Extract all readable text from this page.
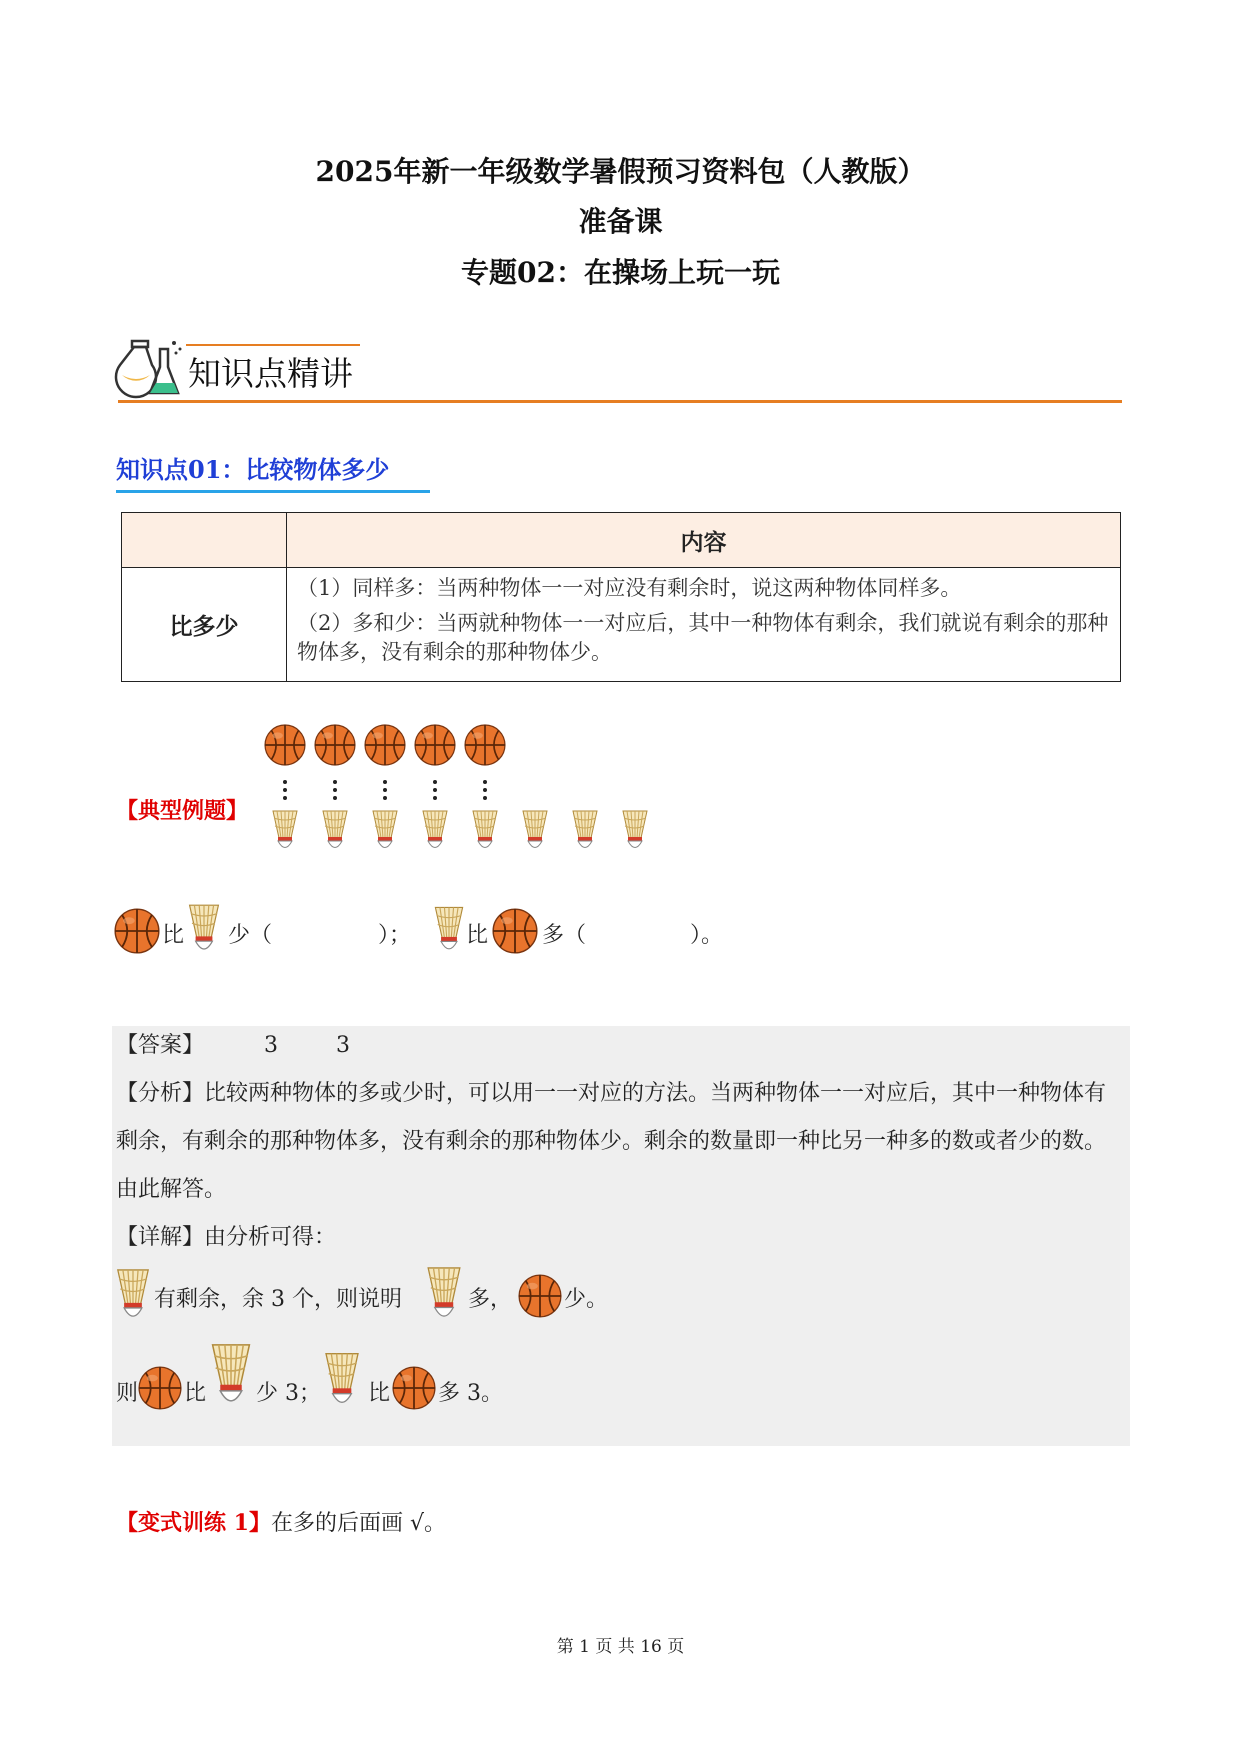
2025年新一年级数学暑假预习资料包（人教版）
准备课
专题02：在操场上玩一玩
知识点精讲
知识点01：比较物体多少
	内容
比多少	（1）同样多：当两种物体一一对应没有剩余时，说这两种物体同样多。

（2）多和少：当两就种物体一一对应后，其中一种物体有剩余，我们就说有剩余的那种物体多，没有剩余的那种物体少。

【典型例题】
比 少（	）； 比 多（	）。
【答案】	3	3
【分析】比较两种物体的多或少时，可以用一一对应的方法。当两种物体一一对应后，其中一种物体有剩余，有剩余的那种物体多，没有剩余的那种物体少。剩余的数量即一种比另一种多的数或者少的数。由此解答。
【详解】由分析可得：
有剩余，余 3 个，则说明	多， 少。
则 比 少 3； 比 多 3。
【变式训练 1】在多的后面画 √。
第 1 页 共 16 页
